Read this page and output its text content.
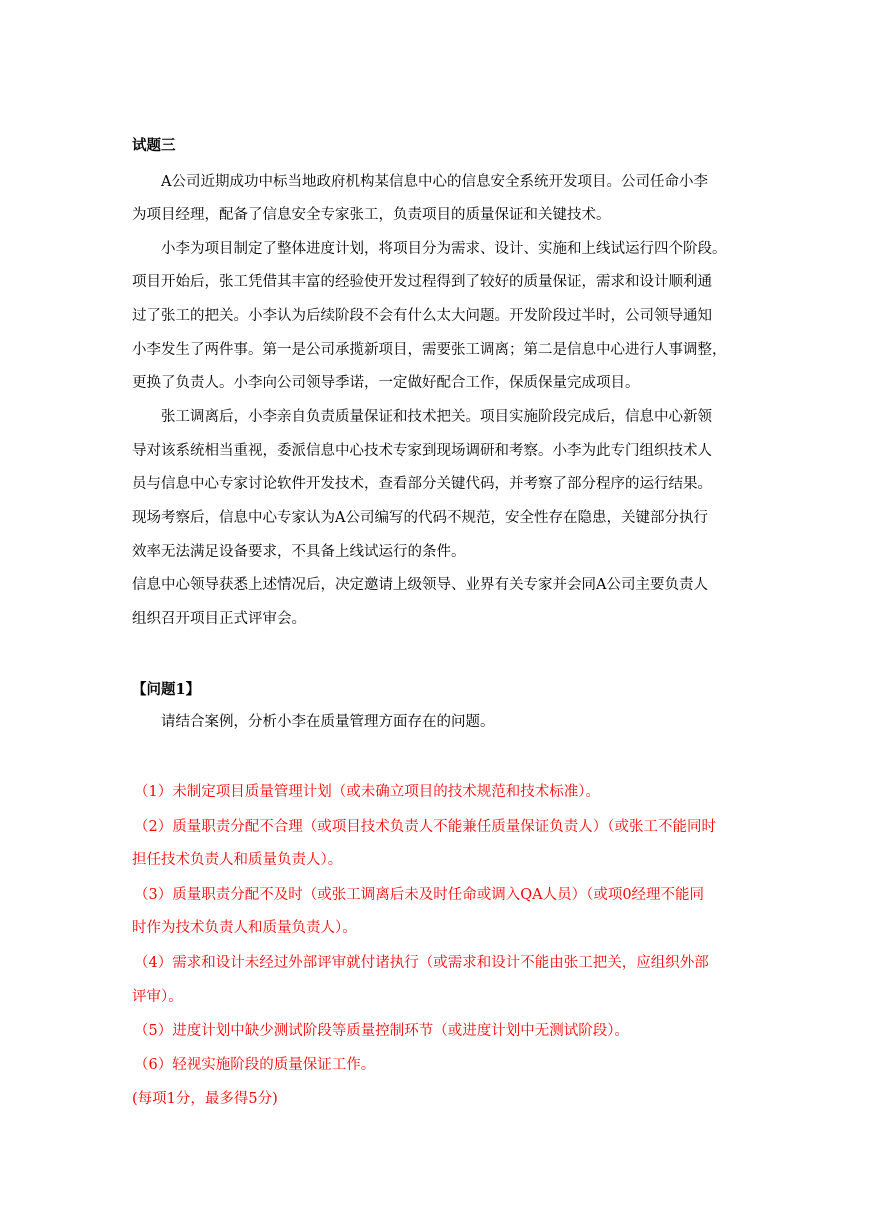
试题三
A公司近期成功中标当地政府机构某信息中心的信息安全系统开发项目。公司任命小李
为项目经理，配备了信息安全专家张工，负责项目的质量保证和关键技术。
小李为项目制定了整体进度计划，将项目分为需求、设计、实施和上线试运行四个阶段。
项目开始后，张工凭借其丰富的经验使开发过程得到了较好的质量保证，需求和设计顺利通
过了张工的把关。小李认为后续阶段不会有什么太大问题。开发阶段过半时，公司领导通知
小李发生了两件事。第一是公司承揽新项目，需要张工调离；第二是信息中心进行人事调整，
更换了负责人。小李向公司领导季诺，一定做好配合工作，保质保量完成项目。
张工调离后，小李亲自负责质量保证和技术把关。项目实施阶段完成后，信息中心新领
导对该系统相当重视，委派信息中心技术专家到现场调研和考察。小李为此专门组织技术人
员与信息中心专家讨论软件开发技术，查看部分关键代码，并考察了部分程序的运行结果。
现场考察后，信息中心专家认为A公司编写的代码不规范，安全性存在隐患，关键部分执行
效率无法满足设备要求，不具备上线试运行的条件。
信息中心领导获悉上述情况后，决定邀请上级领导、业界有关专家并会同A公司主要负责人
组织召开项目正式评审会。
【问题1】
请结合案例，分析小李在质量管理方面存在的问题。
（1）未制定项目质量管理计划（或未确立项目的技术规范和技术标准）。
（2）质量职责分配不合理（或项目技术负责人不能兼任质量保证负责人）（或张工不能同时
担任技术负责人和质量负责人）。
（3）质量职责分配不及时（或张工调离后未及时任命或调入QA人员）（或项0经理不能同
时作为技术负责人和质量负责人）。
（4）需求和设计未经过外部评审就付诸执行（或需求和设计不能由张工把关，应组织外部
评审）。
（5）进度计划中缺少测试阶段等质量控制环节（或进度计划中无测试阶段）。
（6）轻视实施阶段的质量保证工作。
(每项1分，最多得5分)
